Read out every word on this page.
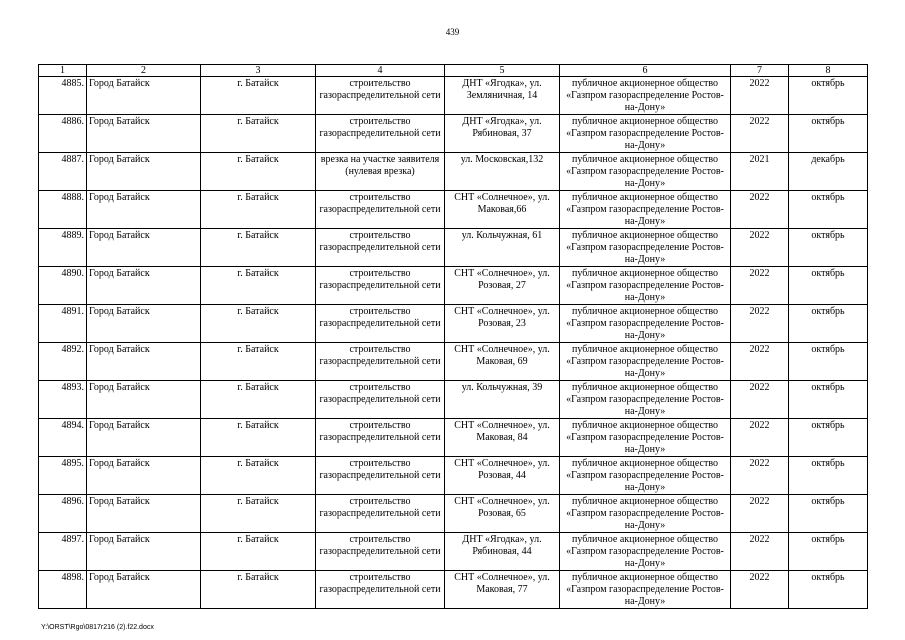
439
1	2	3	4	5	6	7	8
4885.	Город Батайск	г. Батайск	строительство газораспределительной сети	ДНТ «Ягодка», ул. Земляничная, 14	публичное акционерное общество «Газпром газораспределение Ростов-на-Дону»	2022	октябрь
4886.	Город Батайск	г. Батайск	строительство газораспределительной сети	ДНТ «Ягодка», ул. Рябиновая, 37	публичное акционерное общество «Газпром газораспределение Ростов-на-Дону»	2022	октябрь
4887.	Город Батайск	г. Батайск	врезка на участке заявителя (нулевая врезка)	ул. Московская,132	публичное акционерное общество «Газпром газораспределение Ростов-на-Дону»	2021	декабрь
4888.	Город Батайск	г. Батайск	строительство газораспределительной сети	СНТ «Солнечное», ул. Маковая,66	публичное акционерное общество «Газпром газораспределение Ростов-на-Дону»	2022	октябрь
4889.	Город Батайск	г. Батайск	строительство газораспределительной сети	ул. Кольчужная, 61	публичное акционерное общество «Газпром газораспределение Ростов-на-Дону»	2022	октябрь
4890.	Город Батайск	г. Батайск	строительство газораспределительной сети	СНТ «Солнечное», ул. Розовая, 27	публичное акционерное общество «Газпром газораспределение Ростов-на-Дону»	2022	октябрь
4891.	Город Батайск	г. Батайск	строительство газораспределительной сети	СНТ «Солнечное», ул. Розовая, 23	публичное акционерное общество «Газпром газораспределение Ростов-на-Дону»	2022	октябрь
4892.	Город Батайск	г. Батайск	строительство газораспределительной сети	СНТ «Солнечное», ул. Маковая, 69	публичное акционерное общество «Газпром газораспределение Ростов-на-Дону»	2022	октябрь
4893.	Город Батайск	г. Батайск	строительство газораспределительной сети	ул. Кольчужная, 39	публичное акционерное общество «Газпром газораспределение Ростов-на-Дону»	2022	октябрь
4894.	Город Батайск	г. Батайск	строительство газораспределительной сети	СНТ «Солнечное», ул. Маковая, 84	публичное акционерное общество «Газпром газораспределение Ростов-на-Дону»	2022	октябрь
4895.	Город Батайск	г. Батайск	строительство газораспределительной сети	СНТ «Солнечное», ул. Розовая, 44	публичное акционерное общество «Газпром газораспределение Ростов-на-Дону»	2022	октябрь
4896.	Город Батайск	г. Батайск	строительство газораспределительной сети	СНТ «Солнечное», ул. Розовая, 65	публичное акционерное общество «Газпром газораспределение Ростов-на-Дону»	2022	октябрь
4897.	Город Батайск	г. Батайск	строительство газораспределительной сети	ДНТ «Ягодка», ул. Рябиновая, 44	публичное акционерное общество «Газпром газораспределение Ростов-на-Дону»	2022	октябрь
4898.	Город Батайск	г. Батайск	строительство газораспределительной сети	СНТ «Солнечное», ул. Маковая, 77	публичное акционерное общество «Газпром газораспределение Ростов-на-Дону»	2022	октябрь
Y:\ORST\Rgo\0817r216 (2).f22.docx
